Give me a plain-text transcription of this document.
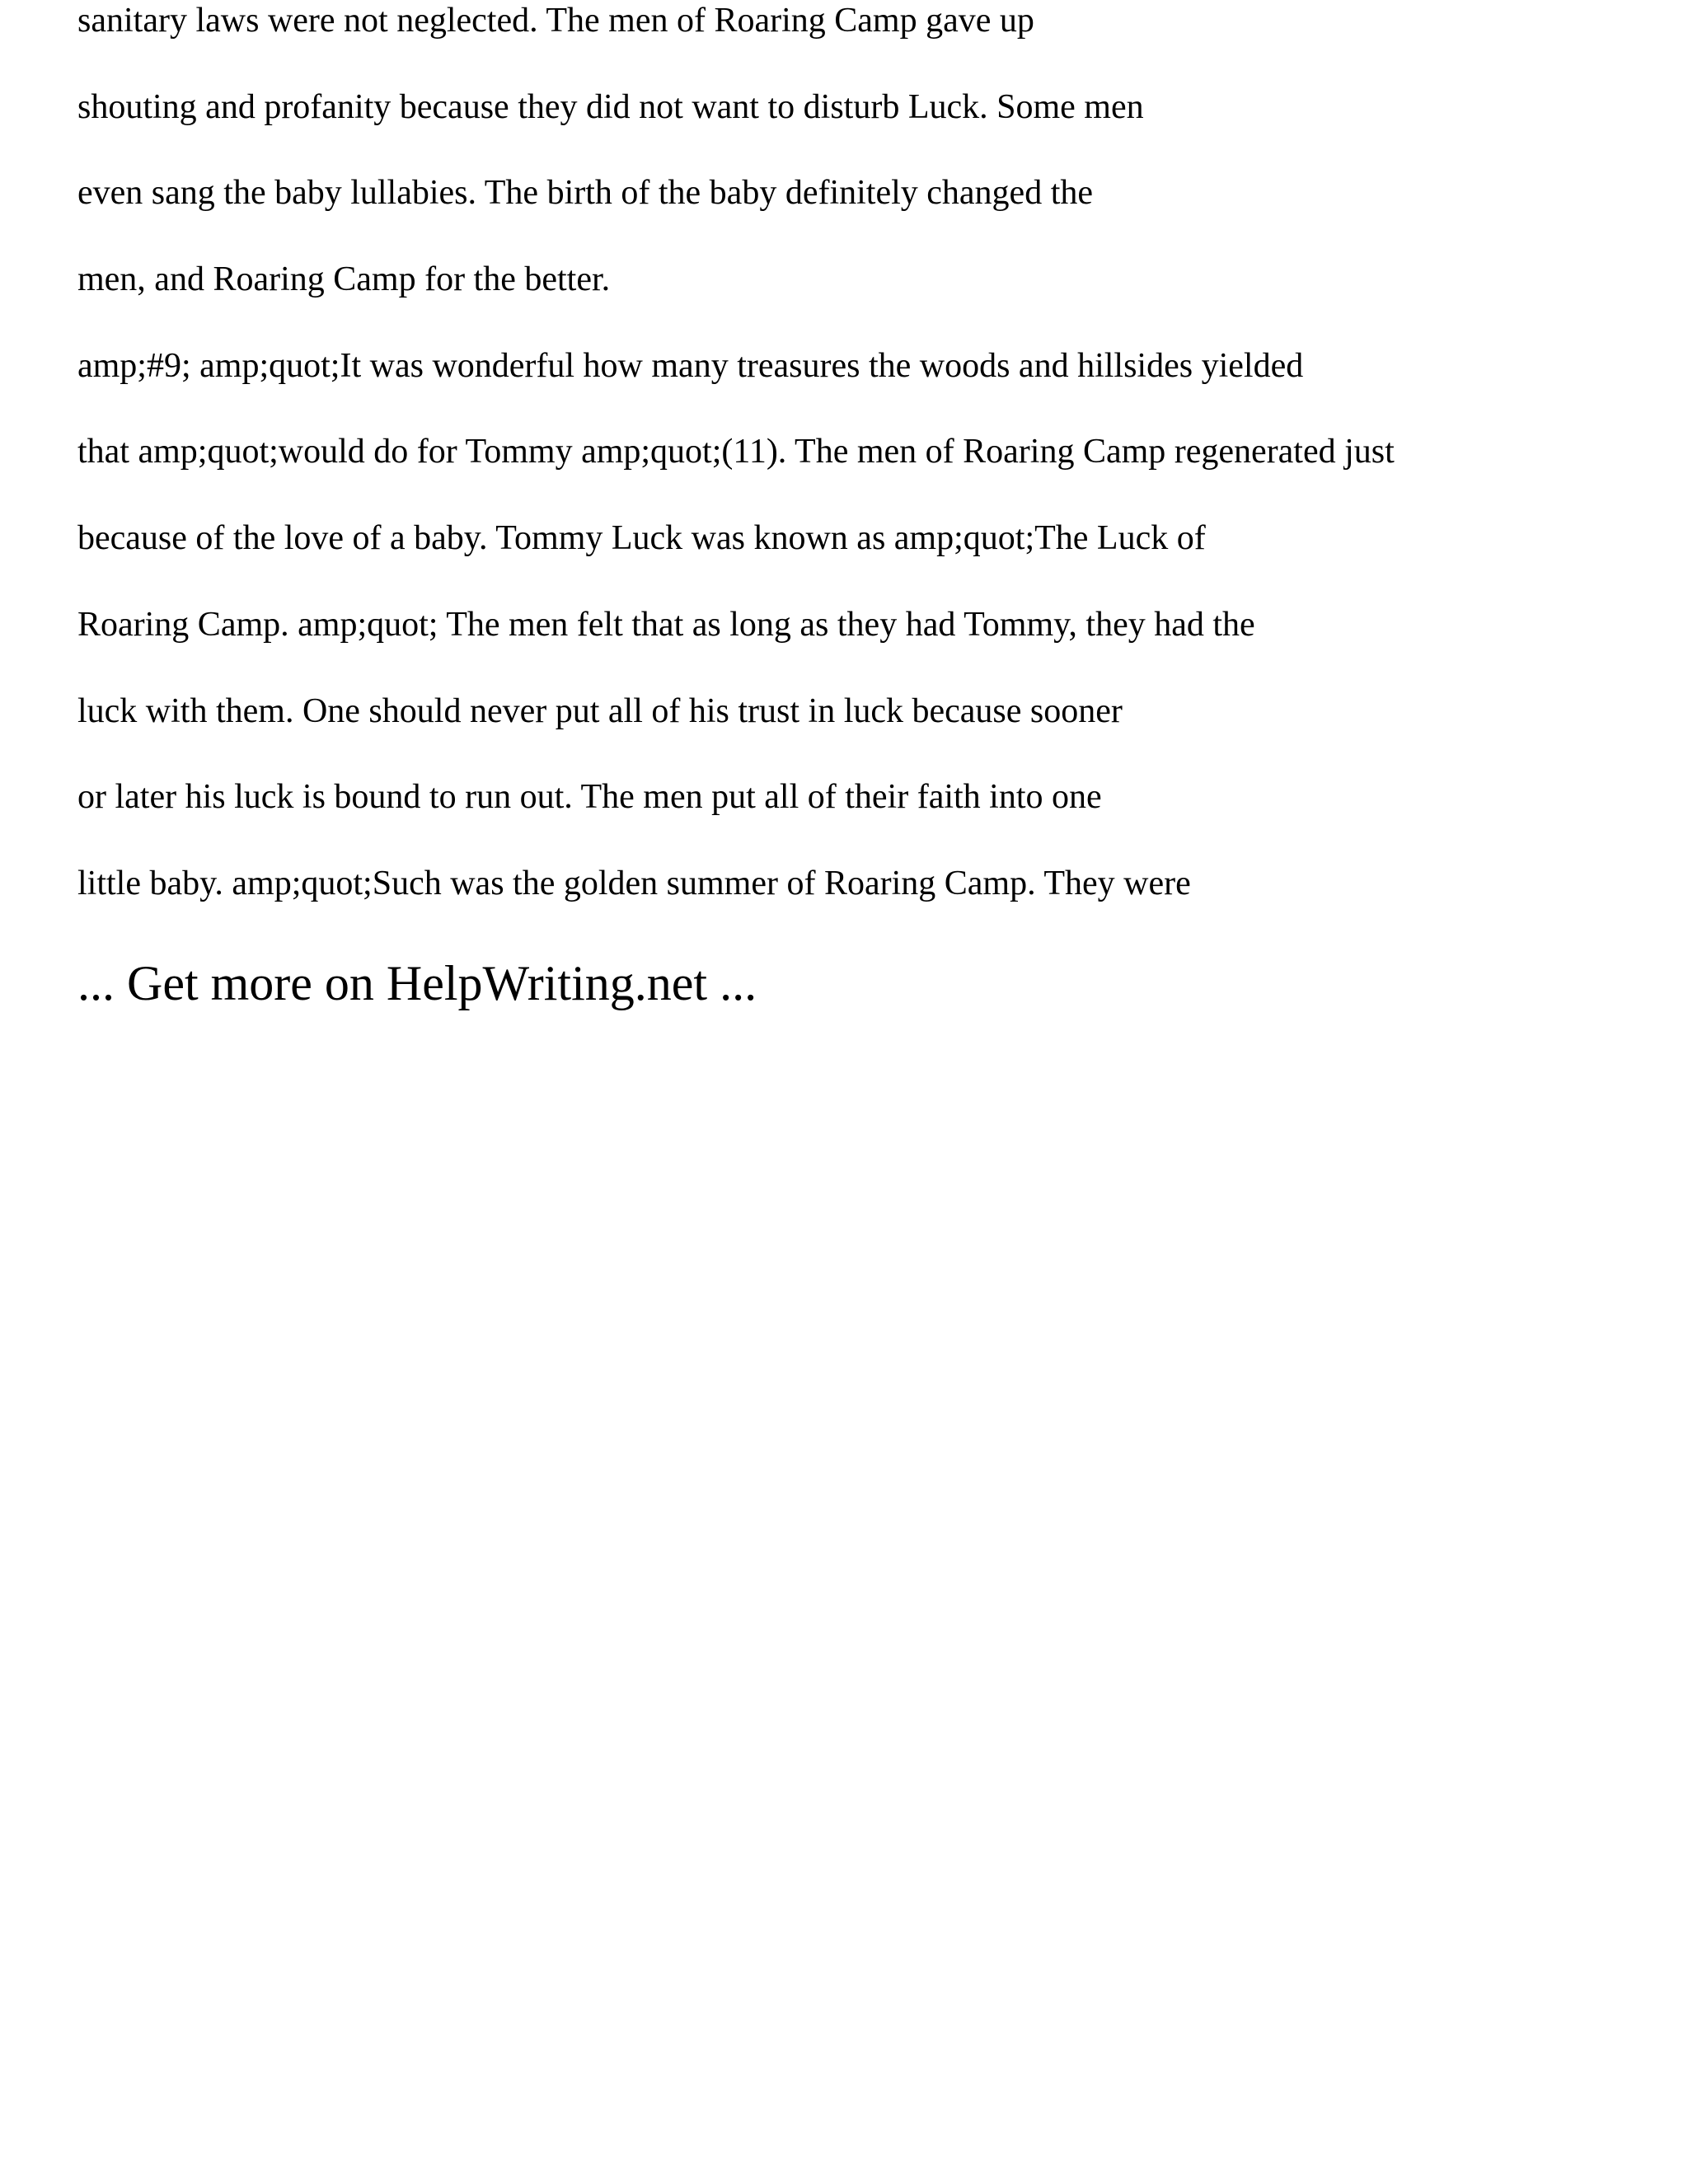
sanitary laws were not neglected. The men of Roaring Camp gave up
shouting and profanity because they did not want to disturb Luck. Some men
even sang the baby lullabies. The birth of the baby definitely changed the
men, and Roaring Camp for the better.
amp;#9; amp;quot;It was wonderful how many treasures the woods and hillsides yielded
that amp;quot;would do for Tommy amp;quot;(11). The men of Roaring Camp regenerated just
because of the love of a baby. Tommy Luck was known as amp;quot;The Luck of
Roaring Camp. amp;quot; The men felt that as long as they had Tommy, they had the
luck with them. One should never put all of his trust in luck because sooner
or later his luck is bound to run out. The men put all of their faith into one
little baby. amp;quot;Such was the golden summer of Roaring Camp. They were
... Get more on HelpWriting.net ...
